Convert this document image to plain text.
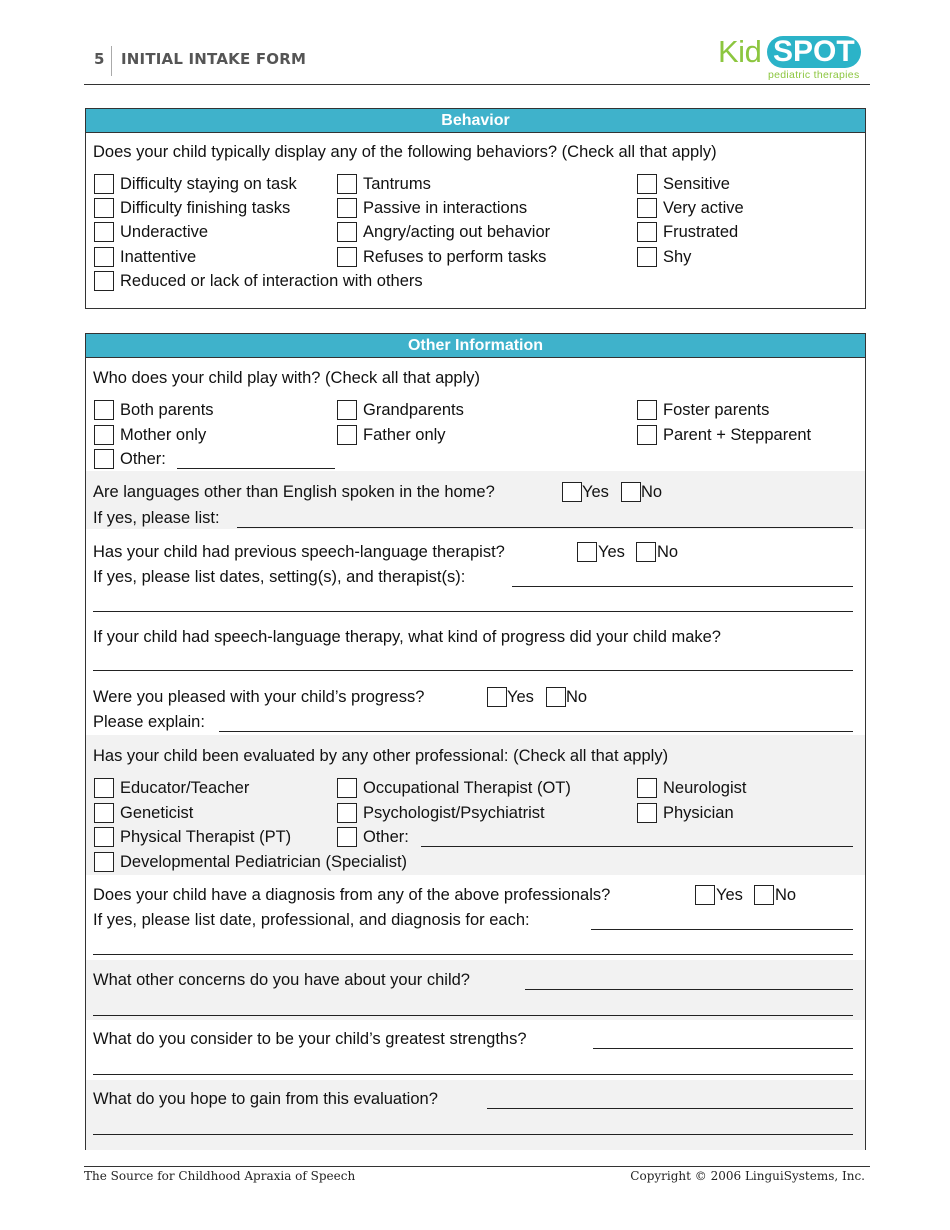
5 INITIAL INTAKE FORM	Kid SPOT
pediatric therapies
Behavior
Does your child typically display any of the following behaviors? (Check all that apply)
Difficulty staying on task	Tantrums	Sensitive
Difficulty finishing tasks	Passive in interactions	Very active
Underactive	Angry/acting out behavior	Frustrated
Inattentive	Refuses to perform tasks	Shy
Reduced or lack of interaction with others
Other Information
Who does your child play with? (Check all that apply)
Both parents	Grandparents	Foster parents
Mother only	Father only	Parent + Stepparent
Other:
Are languages other than English spoken in the home?	Yes No
If yes, please list:
Has your child had previous speech-language therapist?	Yes No
If yes, please list dates, setting(s), and therapist(s):
If your child had speech-language therapy, what kind of progress did your child make?
Were you pleased with your child’s progress?	Yes No
Please explain:
Has your child been evaluated by any other professional: (Check all that apply)
Educator/Teacher	Occupational Therapist (OT)	Neurologist
Geneticist	Psychologist/Psychiatrist	Physician
Physical Therapist (PT)	Other:
Developmental Pediatrician (Specialist)
Does your child have a diagnosis from any of the above professionals?	Yes No
If yes, please list date, professional, and diagnosis for each:
What other concerns do you have about your child?
What do you consider to be your child’s greatest strengths?
What do you hope to gain from this evaluation?
The Source for Childhood Apraxia of Speech	Copyright © 2006 LinguiSystems, Inc.
